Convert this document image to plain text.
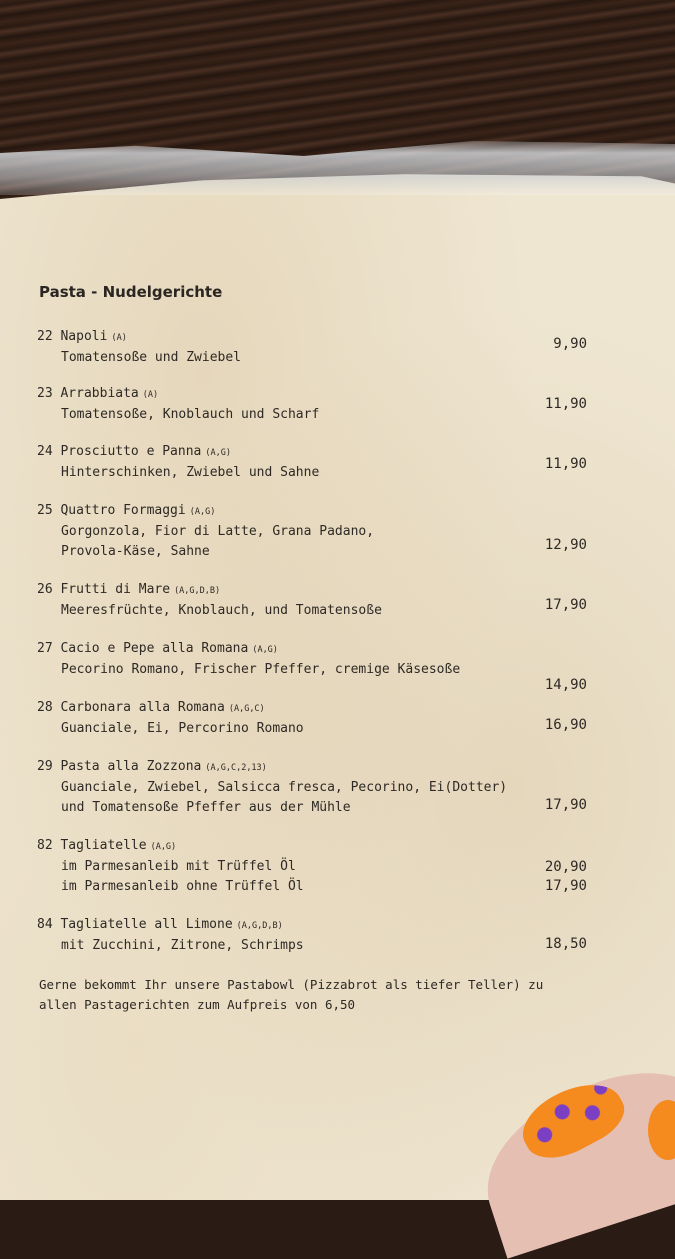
Pasta - Nudelgerichte
22 Napoli (A)
Tomatensoße und Zwiebel
9,90
23 Arrabbiata (A)
Tomatensoße, Knoblauch und Scharf
11,90
24 Prosciutto e Panna (A,G)
Hinterschinken, Zwiebel und Sahne
11,90
25 Quattro Formaggi (A,G)
Gorgonzola, Fior di Latte, Grana Padano,
Provola-Käse, Sahne	12,90
26 Frutti di Mare (A,G,D,B)
Meeresfrüchte, Knoblauch, und Tomatensoße	17,90
27 Cacio e Pepe alla Romana (A,G)
Pecorino Romano, Frischer Pfeffer, cremige Käsesoße
14,90
28 Carbonara alla Romana (A,G,C)
Guanciale, Ei, Percorino Romano	16,90
29 Pasta alla Zozzona (A,G,C,2,13)
Guanciale, Zwiebel, Salsicca fresca, Pecorino, Ei(Dotter)
und Tomatensoße Pfeffer aus der Mühle	17,90
82 Tagliatelle (A,G)
im Parmesanleib mit Trüffel Öl
im Parmesanleib ohne Trüffel Öl
20,90
17,90
84 Tagliatelle all Limone (A,G,D,B)
mit Zucchini, Zitrone, Schrimps	18,50
Gerne bekommt Ihr unsere Pastabowl (Pizzabrot als tiefer Teller) zu allen Pastagerichten zum Aufpreis von 6,50
